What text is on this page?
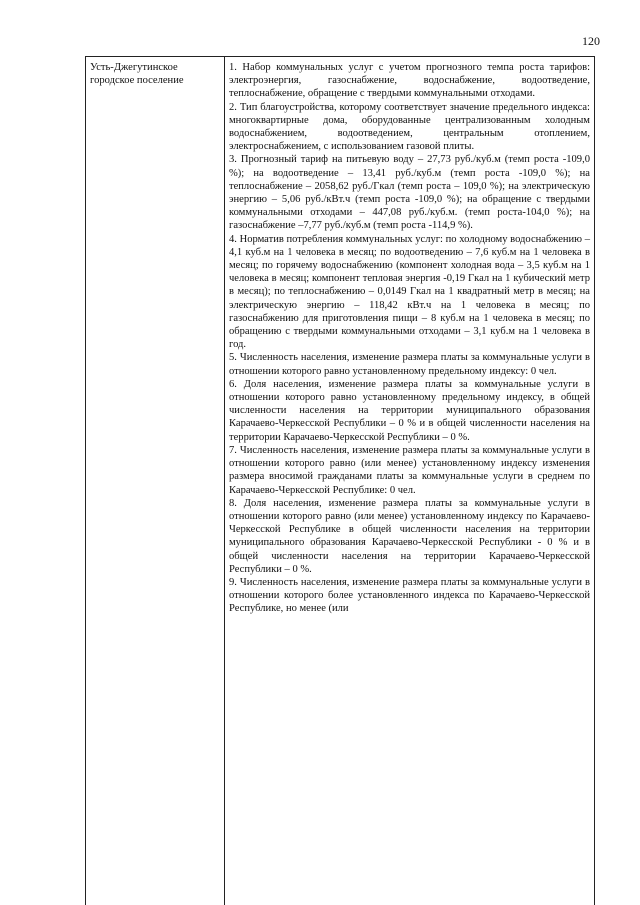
120
Усть-Джегутинское городское поселение	

1. Набор коммунальных услуг с учетом прогнозного темпа роста тарифов: электроэнергия, газоснабжение, водоснабжение, водоотведение, теплоснабжение, обращение с твердыми коммунальными отходами.

2. Тип благоустройства, которому соответствует значение предельного индекса: многоквартирные дома, оборудованные централизованным холодным водоснабжением, водоотведением, центральным отоплением, электроснабжением, с использованием газовой плиты.

3. Прогнозный тариф на питьевую воду – 27,73 руб./куб.м (темп роста -109,0 %); на водоотведение – 13,41 руб./куб.м (темп роста -109,0 %); на теплоснабжение – 2058,62 руб./Гкал (темп роста – 109,0 %); на электрическую энергию – 5,06 руб./кВт.ч (темп роста -109,0 %); на обращение с твердыми коммунальными отходами – 447,08 руб./куб.м. (темп роста-104,0 %); на газоснабжение –7,77 руб./куб.м (темп роста -114,9 %).

4. Норматив потребления коммунальных услуг: по холодному водоснабжению – 4,1 куб.м на 1 человека в месяц; по водоотведению – 7,6 куб.м на 1 человека в месяц; по горячему водоснабжению (компонент холодная вода – 3,5 куб.м на 1 человека в месяц; компонент тепловая энергия -0,19 Гкал на 1 кубический метр в месяц); по теплоснабжению – 0,0149 Гкал на 1 квадратный метр в месяц; на электрическую энергию – 118,42 кВт.ч на 1 человека в месяц; по газоснабжению для приготовления пищи – 8 куб.м на 1 человека в месяц; по обращению с твердыми коммунальными отходами – 3,1 куб.м на 1 человека в год.

5. Численность населения, изменение размера платы за коммунальные услуги в отношении которого равно установленному предельному индексу: 0 чел.

6. Доля населения, изменение размера платы за коммунальные услуги в отношении которого равно установленному предельному индексу, в общей численности населения на территории муниципального образования Карачаево-Черкесской Республики – 0 % и в общей численности населения на территории Карачаево-Черкесской Республики – 0 %.

7. Численность населения, изменение размера платы за коммунальные услуги в отношении которого равно (или менее) установленному индексу изменения размера вносимой гражданами платы за коммунальные услуги в среднем по Карачаево-Черкесской Республике: 0 чел.

8. Доля населения, изменение размера платы за коммунальные услуги в отношении которого равно (или менее) установленному индексу по Карачаево-Черкесской Республике в общей численности населения на территории муниципального образования Карачаево-Черкесской Республики - 0 % и в общей численности населения на территории Карачаево-Черкесской Республики – 0 %.

9. Численность населения, изменение размера платы за коммунальные услуги в отношении которого более установленного индекса по Карачаево-Черкесской Республике, но менее (или
